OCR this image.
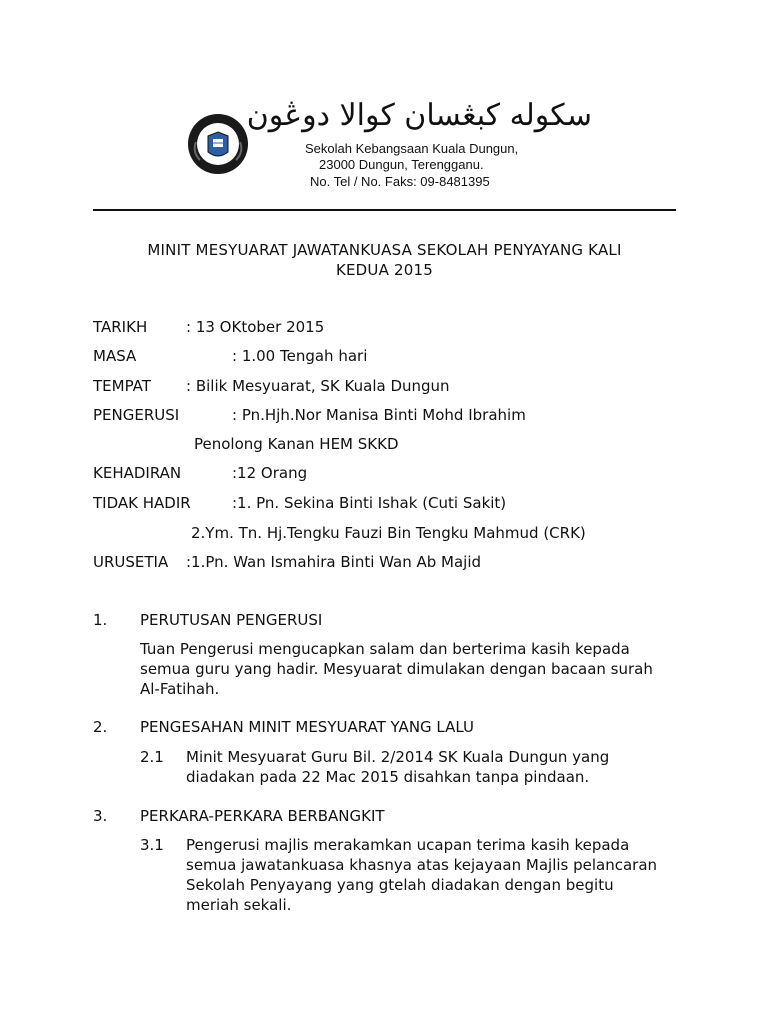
سكوله كبڠسان كوالا دوڠون
Sekolah Kebangsaan Kuala Dungun,
23000 Dungun, Terengganu.
No. Tel / No. Faks: 09-8481395
MINIT MESYUARAT JAWATANKUASA SEKOLAH PENYAYANG KALI
KEDUA 2015
TARIKH	: 13 OKtober 2015
MASA	: 1.00 Tengah hari
TEMPAT : Bilik Mesyuarat, SK Kuala Dungun
PENGERUSI	: Pn.Hjh.Nor Manisa Binti Mohd Ibrahim
Penolong Kanan HEM SKKD
KEHADIRAN	:12 Orang
TIDAK HADIR	:1. Pn. Sekina Binti Ishak (Cuti Sakit)
2.Ym. Tn. Hj.Tengku Fauzi Bin Tengku Mahmud (CRK)
URUSETIA :1.Pn. Wan Ismahira Binti Wan Ab Majid
1. PERUTUSAN PENGERUSI
Tuan Pengerusi mengucapkan salam dan berterima kasih kepada
semua guru yang hadir. Mesyuarat dimulakan dengan bacaan surah
Al-Fatihah.
2. PENGESAHAN MINIT MESYUARAT YANG LALU
2.1 Minit Mesyuarat Guru Bil. 2/2014 SK Kuala Dungun yang
diadakan pada 22 Mac 2015 disahkan tanpa pindaan.
3. PERKARA-PERKARA BERBANGKIT
3.1 Pengerusi majlis merakamkan ucapan terima kasih kepada
semua jawatankuasa khasnya atas kejayaan Majlis pelancaran
Sekolah Penyayang yang gtelah diadakan dengan begitu
meriah sekali.
